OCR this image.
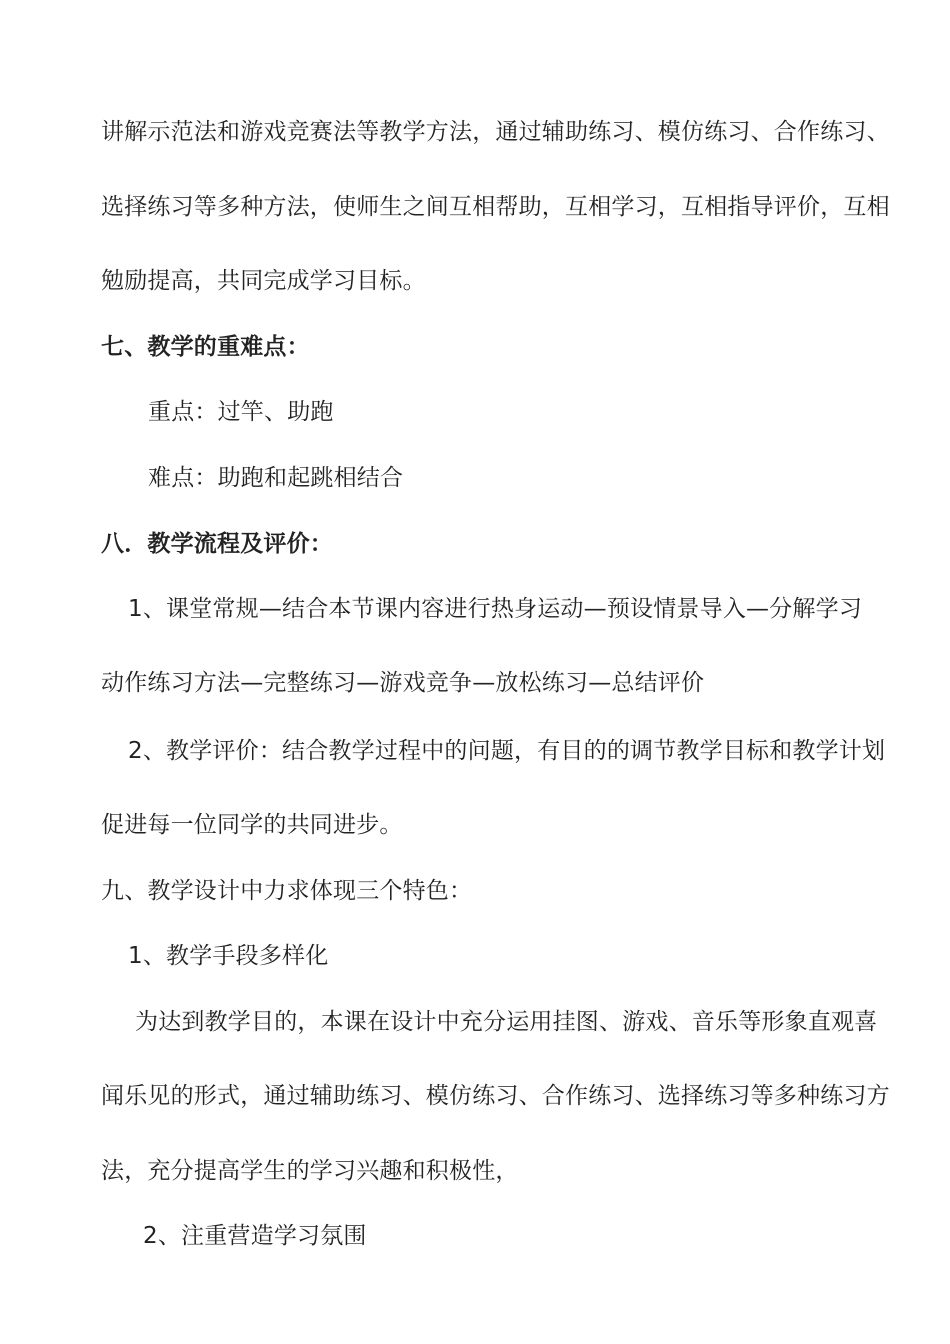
讲解示范法和游戏竞赛法等教学方法，通过辅助练习、模仿练习、合作练习、
选择练习等多种方法，使师生之间互相帮助，互相学习，互相指导评价，互相
勉励提高，共同完成学习目标。
七、教学的重难点：
重点：过竿、助跑
难点：助跑和起跳相结合
八．教学流程及评价：
1、课堂常规—结合本节课内容进行热身运动—预设情景导入—分解学习
动作练习方法—完整练习—游戏竞争—放松练习—总结评价
2、教学评价：结合教学过程中的问题，有目的的调节教学目标和教学计划
促进每一位同学的共同进步。
九、教学设计中力求体现三个特色：
1、教学手段多样化
为达到教学目的，本课在设计中充分运用挂图、游戏、音乐等形象直观喜
闻乐见的形式，通过辅助练习、模仿练习、合作练习、选择练习等多种练习方
法，充分提高学生的学习兴趣和积极性，
2、注重营造学习氛围
